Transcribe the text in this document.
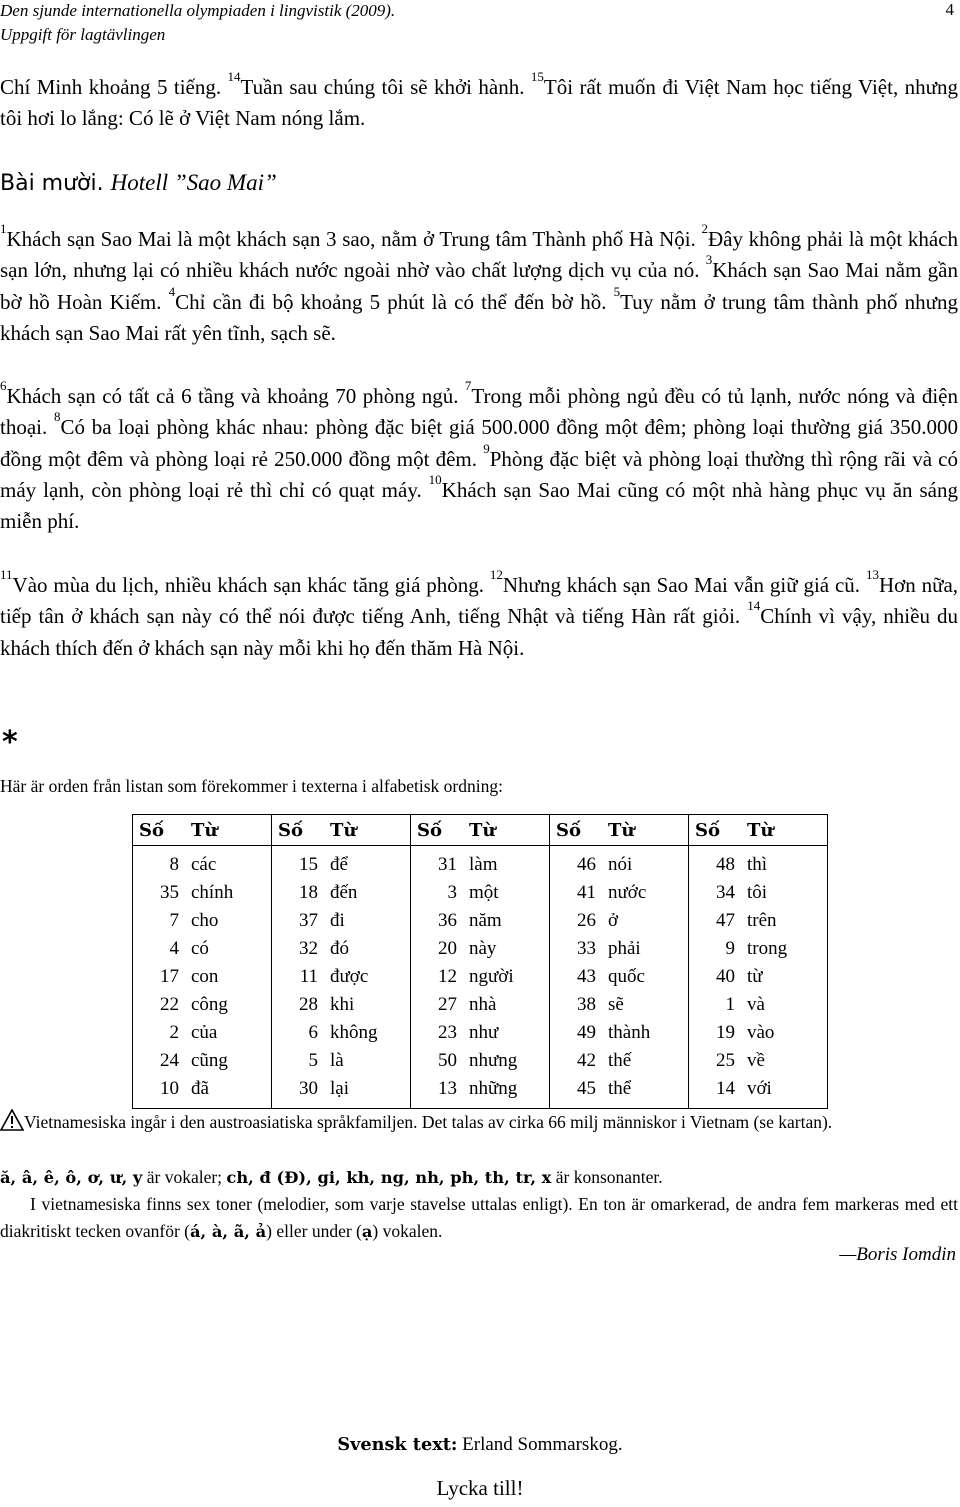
Den sjunde internationella olympiaden i lingvistik (2009).
Uppgift för lagtävlingen
4
Chí Minh khoảng 5 tiếng. $^{14}$Tuần sau chúng tôi sẽ khởi hành. $^{15}$Tôi rất muốn đi Việt Nam học tiếng Việt, nhưng tôi hơi lo lắng: Có lẽ ở Việt Nam nóng lắm.
Bài mười. Hotell ”Sao Mai”
$^1$Khách sạn Sao Mai là một khách sạn 3 sao, nằm ở Trung tâm Thành phố Hà Nội. $^2$Đây không phải là một khách sạn lớn, nhưng lại có nhiều khách nước ngoài nhờ vào chất lượng dịch vụ của nó. $^3$Khách sạn Sao Mai nằm gần bờ hồ Hoàn Kiếm. $^4$Chỉ cần đi bộ khoảng 5 phút là có thể đến bờ hồ. $^5$Tuy nằm ở trung tâm thành phố nhưng khách sạn Sao Mai rất yên tĩnh, sạch sẽ.
$^6$Khách sạn có tất cả 6 tầng và khoảng 70 phòng ngủ. $^7$Trong mỗi phòng ngủ đều có tủ lạnh, nước nóng và điện thoại. $^8$Có ba loại phòng khác nhau: phòng đặc biệt giá 500.000 đồng một đêm; phòng loại thường giá 350.000 đồng một đêm và phòng loại rẻ 250.000 đồng một đêm. $^9$Phòng đặc biệt và phòng loại thường thì rộng rãi và có máy lạnh, còn phòng loại rẻ thì chỉ có quạt máy. $^{10}$Khách sạn Sao Mai cũng có một nhà hàng phục vụ ăn sáng miễn phí.
$^{11}$Vào mùa du lịch, nhiều khách sạn khác tăng giá phòng. $^{12}$Nhưng khách sạn Sao Mai vẫn giữ giá cũ. $^{13}$Hơn nữa, tiếp tân ở khách sạn này có thể nói được tiếng Anh, tiếng Nhật và tiếng Hàn rất giỏi. $^{14}$Chính vì vậy, nhiều du khách thích đến ở khách sạn này mỗi khi họ đến thăm Hà Nội.
*
Här är orden från listan som förekommer i texterna i alfabetisk ordning:
Số	Từ	Số	Từ	Số	Từ	Số	Từ	Số	Từ
8	các	15	để	31	làm	46	nói	48	thì
35	chính	18	đến	3	một	41	nước	34	tôi
7	cho	37	đi	36	năm	26	ở	47	trên
4	có	32	đó	20	này	33	phải	9	trong
17	con	11	được	12	người	43	quốc	40	từ
22	công	28	khi	27	nhà	38	sẽ	1	và
2	của	6	không	23	như	49	thành	19	vào
24	cũng	5	là	50	nhưng	42	thế	25	về
10	đã	30	lại	13	những	45	thể	14	với
Vietnamesiska ingår i den austroasiatiska språkfamiljen. Det talas av cirka 66 milj människor i Vietnam (se kartan).
ă, â, ê, ô, ơ, ư, y är vokaler; ch, đ (Đ), gi, kh, ng, nh, ph, th, tr, x är konsonanter.
I vietnamesiska finns sex toner (melodier, som varje stavelse uttalas enligt). En ton är omarkerad, de andra fem markeras med ett diakritiskt tecken ovanför (á, à, ã, ả) eller under (ạ) vokalen.
—Boris Iomdin
Svensk text: Erland Sommarskog.
Lycka till!
